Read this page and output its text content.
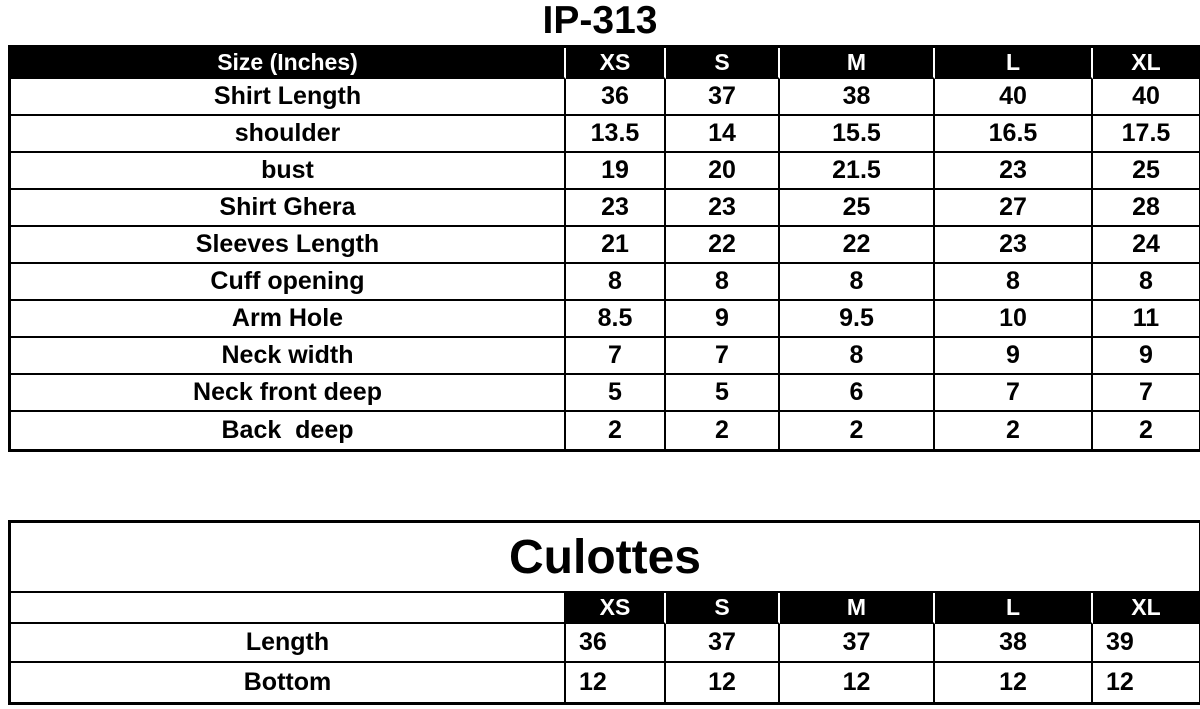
IP-313
Size (Inches)	XS	S	M	L	XL
Shirt Length	36	37	38	40	40
shoulder	13.5	14	15.5	16.5	17.5
bust	19	20	21.5	23	25
Shirt Ghera	23	23	25	27	28
Sleeves Length	21	22	22	23	24
Cuff opening	8	8	8	8	8
Arm Hole	8.5	9	9.5	10	11
Neck width	7	7	8	9	9
Neck front deep	5	5	6	7	7
Back  deep	2	2	2	2	2
Culottes					
	XS	S	M	L	XL
Length	36	37	37	38	39
Bottom	12	12	12	12	12
